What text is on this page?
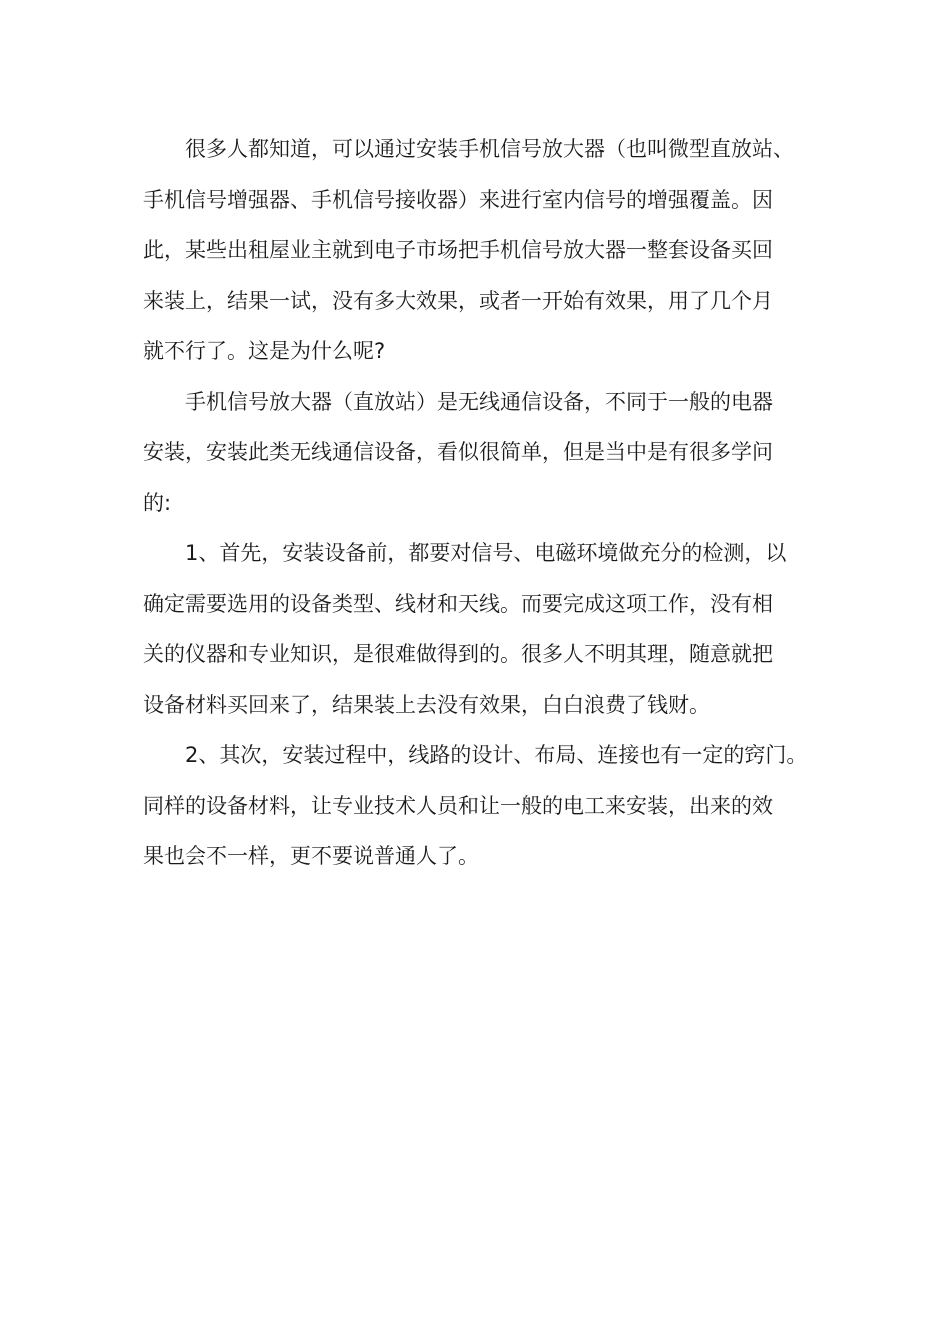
很多人都知道，可以通过安装手机信号放大器（也叫微型直放站、
手机信号增强器、手机信号接收器）来进行室内信号的增强覆盖。因
此，某些出租屋业主就到电子市场把手机信号放大器一整套设备买回
来装上，结果一试，没有多大效果，或者一开始有效果，用了几个月
就不行了。这是为什么呢?

手机信号放大器（直放站）是无线通信设备，不同于一般的电器
安装，安装此类无线通信设备，看似很简单，但是当中是有很多学问
的:

1、首先，安装设备前，都要对信号、电磁环境做充分的检测，以
确定需要选用的设备类型、线材和天线。而要完成这项工作，没有相
关的仪器和专业知识，是很难做得到的。很多人不明其理，随意就把
设备材料买回来了，结果装上去没有效果，白白浪费了钱财。

2、其次，安装过程中，线路的设计、布局、连接也有一定的窍门。
同样的设备材料，让专业技术人员和让一般的电工来安装，出来的效
果也会不一样，更不要说普通人了。
